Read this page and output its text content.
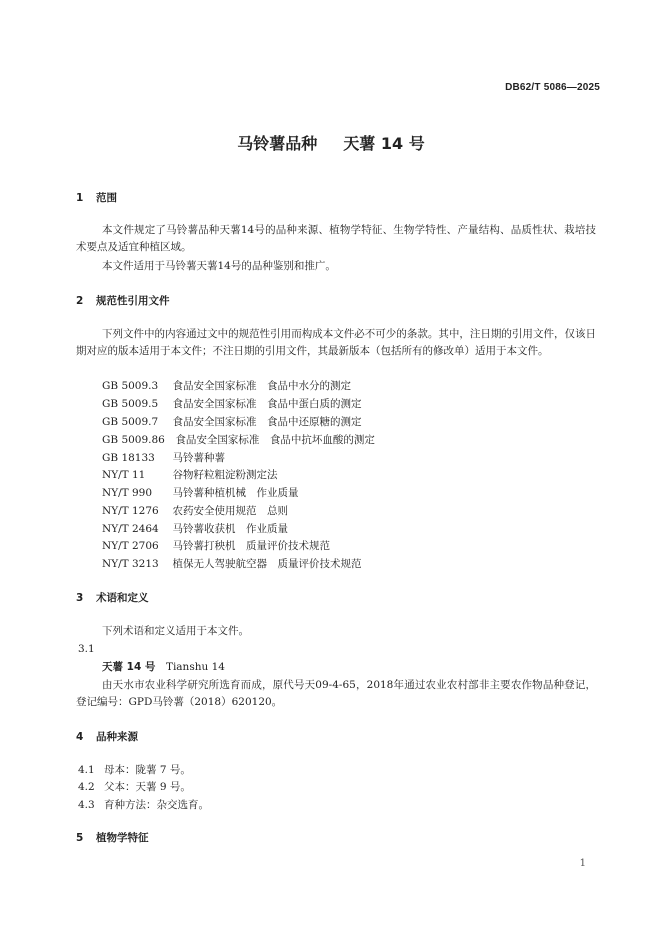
DB62/T 5086—2025
马铃薯品种 天薯 14 号
1 范围
本文件规定了马铃薯品种天薯14号的品种来源、植物学特征、生物学特性、产量结构、品质性状、栽培技术要点及适宜种植区域。
本文件适用于马铃薯天薯14号的品种鉴别和推广。
2 规范性引用文件
下列文件中的内容通过文中的规范性引用而构成本文件必不可少的条款。其中，注日期的引用文件，仅该日期对应的版本适用于本文件；不注日期的引用文件，其最新版本（包括所有的修改单）适用于本文件。
GB 5009.3　 食品安全国家标准　食品中水分的测定
GB 5009.5　 食品安全国家标准　食品中蛋白质的测定
GB 5009.7　 食品安全国家标准　食品中还原糖的测定
GB 5009.86　 食品安全国家标准　食品中抗坏血酸的测定
GB 18133　 马铃薯种薯
NY/T 11　	谷物籽粒粗淀粉测定法
NY/T 990　 马铃薯种植机械　作业质量
NY/T 1276　 农药安全使用规范　总则
NY/T 2464　 马铃薯收获机　作业质量
NY/T 2706　 马铃薯打秧机　质量评价技术规范
NY/T 3213　 植保无人驾驶航空器　质量评价技术规范
3 术语和定义
下列术语和定义适用于本文件。
3.1
天薯 14 号　 Tianshu 14
由天水市农业科学研究所选育而成，原代号天09-4-65，2018年通过农业农村部非主要农作物品种登记，登记编号：GPD马铃薯（2018）620120。
4 品种来源
4.1 母本：陇薯 7 号。
4.2 父本：天薯 9 号。
4.3 育种方法：杂交选育。
5 植物学特征
1
